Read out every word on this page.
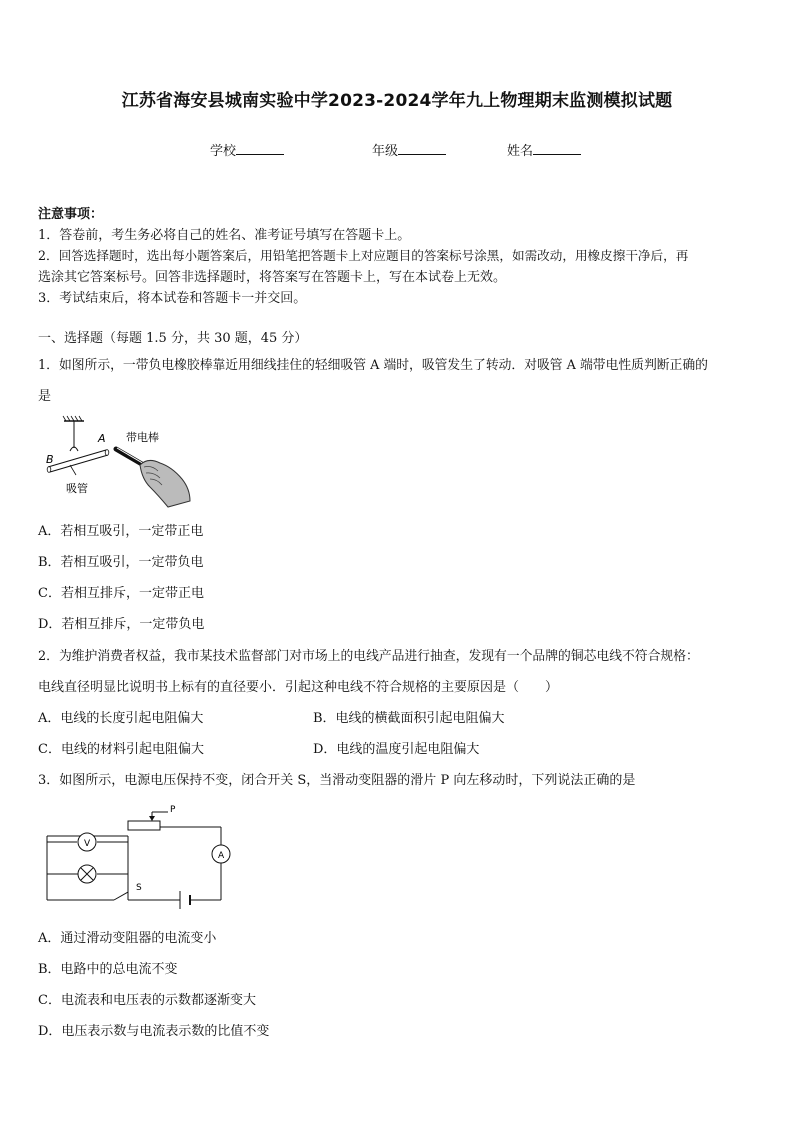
江苏省海安县城南实验中学2023-2024学年九上物理期末监测模拟试题
学校	年级	姓名
注意事项：
1．答卷前，考生务必将自己的姓名、准考证号填写在答题卡上。
2．回答选择题时，选出每小题答案后，用铅笔把答题卡上对应题目的答案标号涂黑，如需改动，用橡皮擦干净后，再
选涂其它答案标号。回答非选择题时，将答案写在答题卡上，写在本试卷上无效。
3．考试结束后，将本试卷和答题卡一并交回。
一、选择题（每题 1.5 分，共 30 题，45 分）
1．如图所示，一带负电橡胶棒靠近用细线挂住的轻细吸管 A 端时，吸管发生了转动．对吸管 A 端带电性质判断正确的
是
A
B
带电棒
吸管
A．若相互吸引，一定带正电
B．若相互吸引，一定带负电
C．若相互排斥，一定带正电
D．若相互排斥，一定带负电
2．为维护消费者权益，我市某技术监督部门对市场上的电线产品进行抽查，发现有一个品牌的铜芯电线不符合规格：
电线直径明显比说明书上标有的直径要小．引起这种电线不符合规格的主要原因是（　　）
A．电线的长度引起电阻偏大	B．电线的横截面积引起电阻偏大
C．电线的材料引起电阻偏大	D．电线的温度引起电阻偏大
3．如图所示，电源电压保持不变，闭合开关 S，当滑动变阻器的滑片 P 向左移动时，下列说法正确的是
P
V
A
S
A．通过滑动变阻器的电流变小
B．电路中的总电流不变
C．电流表和电压表的示数都逐渐变大
D．电压表示数与电流表示数的比值不变
